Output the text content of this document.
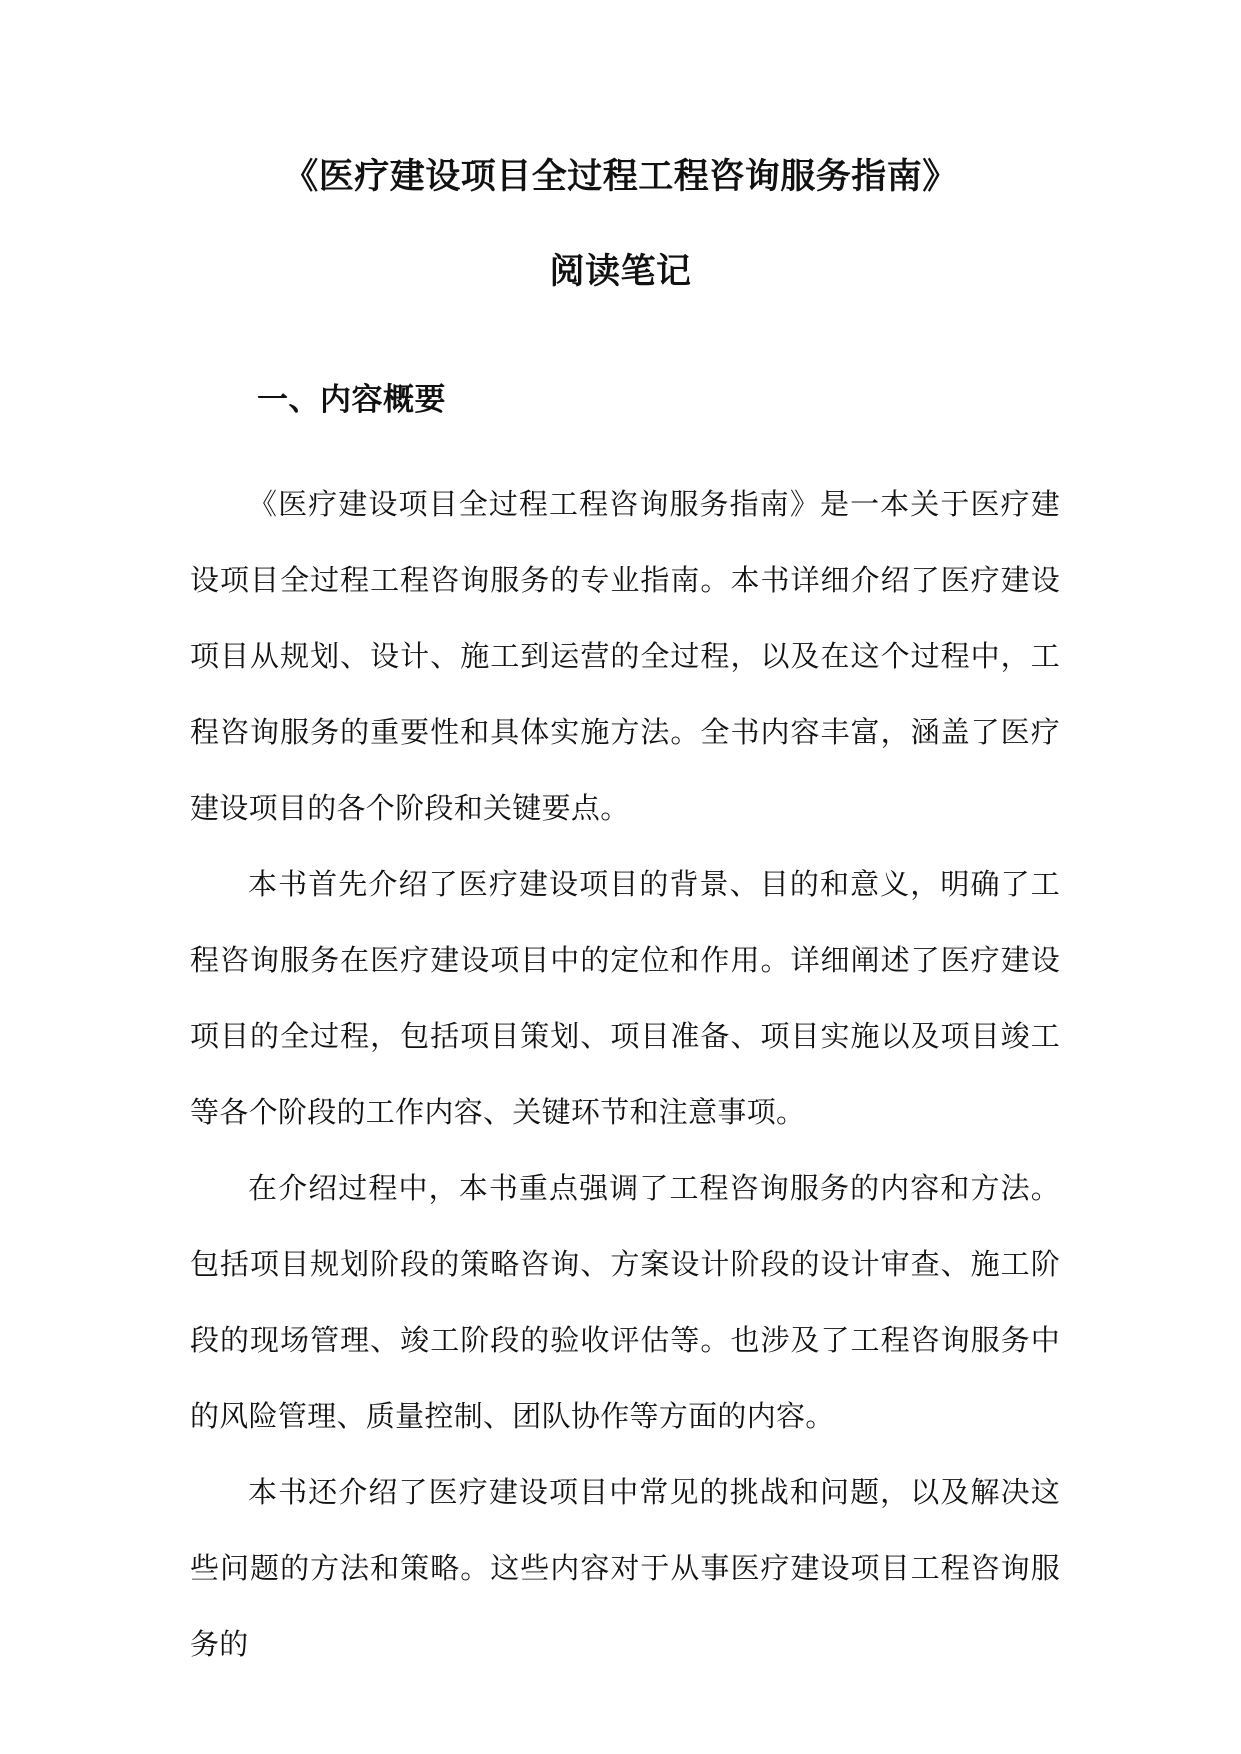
《医疗建设项目全过程工程咨询服务指南》
阅读笔记
一、内容概要

《医疗建设项目全过程工程咨询服务指南》是一本关于医疗建设项目全过程工程咨询服务的专业指南。本书详细介绍了医疗建设项目从规划、设计、施工到运营的全过程，以及在这个过程中，工程咨询服务的重要性和具体实施方法。全书内容丰富，涵盖了医疗建设项目的各个阶段和关键要点。

本书首先介绍了医疗建设项目的背景、目的和意义，明确了工程咨询服务在医疗建设项目中的定位和作用。详细阐述了医疗建设项目的全过程，包括项目策划、项目准备、项目实施以及项目竣工等各个阶段的工作内容、关键环节和注意事项。

在介绍过程中，本书重点强调了工程咨询服务的内容和方法。包括项目规划阶段的策略咨询、方案设计阶段的设计审查、施工阶段的现场管理、竣工阶段的验收评估等。也涉及了工程咨询服务中的风险管理、质量控制、团队协作等方面的内容。

本书还介绍了医疗建设项目中常见的挑战和问题，以及解决这些问题的方法和策略。这些内容对于从事医疗建设项目工程咨询服务的
